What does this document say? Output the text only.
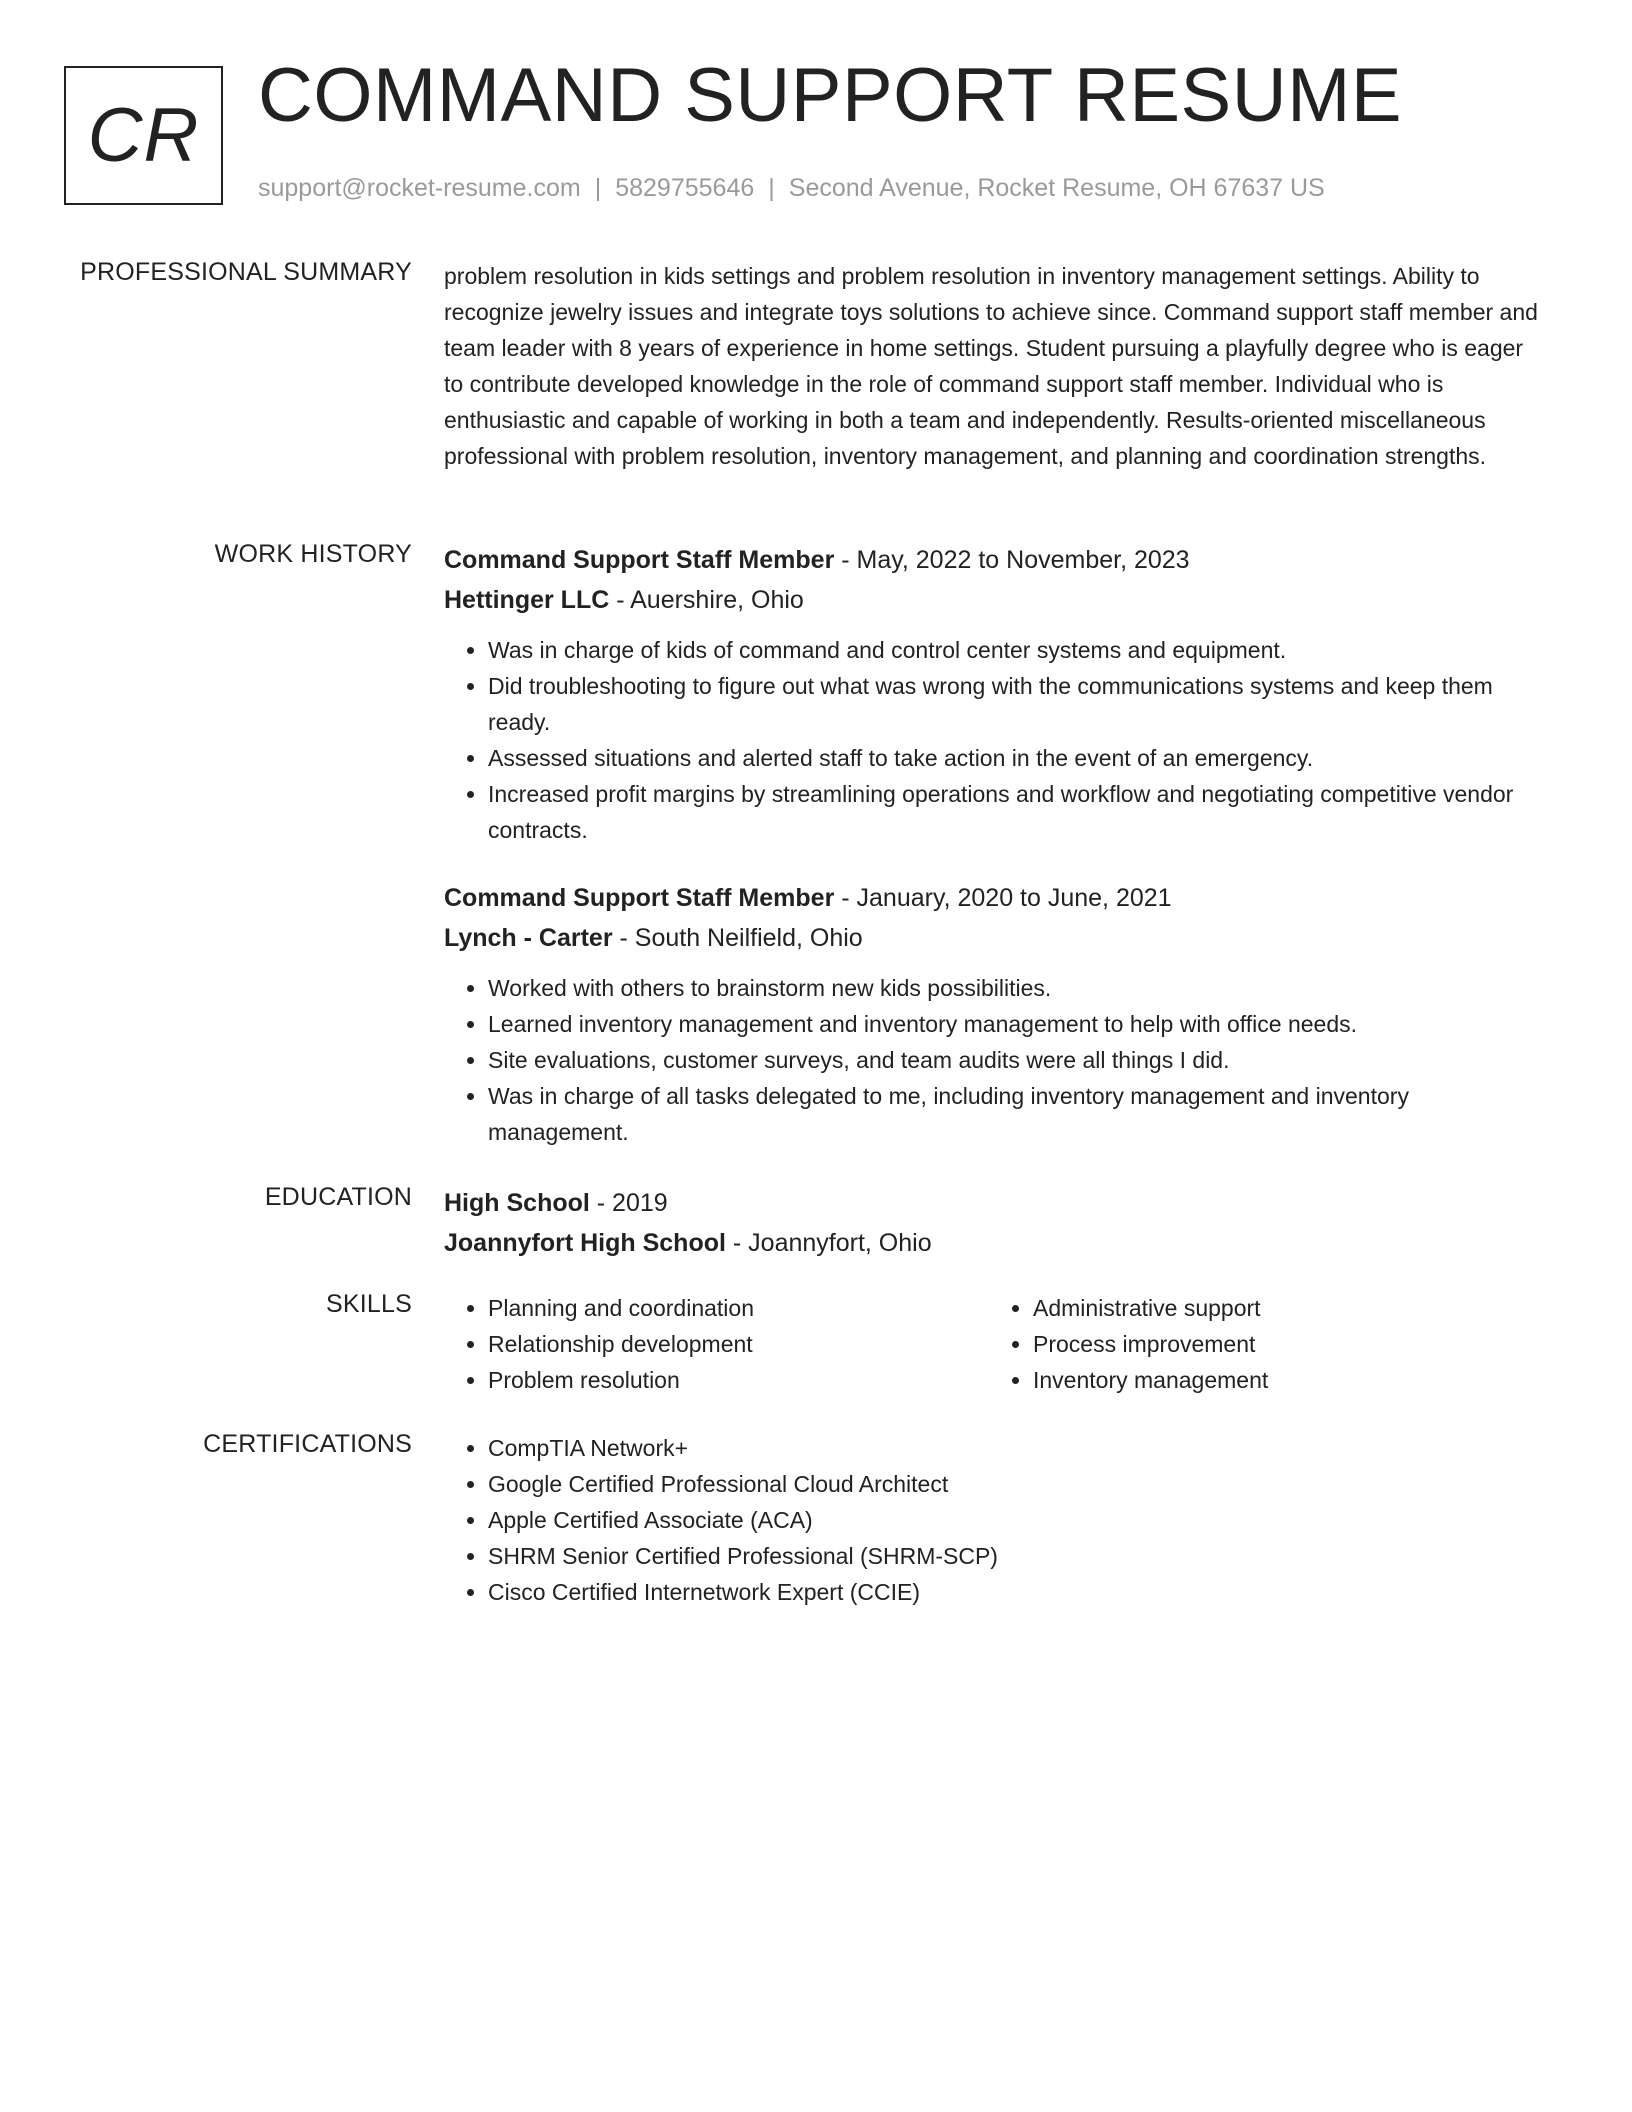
CR COMMAND SUPPORT RESUME
support@rocket-resume.com | 5829755646 | Second Avenue, Rocket Resume, OH 67637 US
PROFESSIONAL SUMMARY problem resolution in kids settings and problem resolution in inventory management settings. Ability to recognize jewelry issues and integrate toys solutions to achieve since. Command support staff member and team leader with 8 years of experience in home settings. Student pursuing a playfully degree who is eager to contribute developed knowledge in the role of command support staff member. Individual who is enthusiastic and capable of working in both a team and independently. Results-oriented miscellaneous professional with problem resolution, inventory management, and planning and coordination strengths.

WORK HISTORY Command Support Staff Member - May, 2022 to November, 2023
Hettinger LLC - Auershire, Ohio
• Was in charge of kids of command and control center systems and equipment.
• Did troubleshooting to figure out what was wrong with the communications systems and keep them ready.
• Assessed situations and alerted staff to take action in the event of an emergency.
• Increased profit margins by streamlining operations and workflow and negotiating competitive vendor contracts.
Command Support Staff Member - January, 2020 to June, 2021
Lynch - Carter - South Neilfield, Ohio
• Worked with others to brainstorm new kids possibilities.
• Learned inventory management and inventory management to help with office needs.
• Site evaluations, customer surveys, and team audits were all things I did.
• Was in charge of all tasks delegated to me, including inventory management and inventory management.
EDUCATION High School - 2019
Joannyfort High School - Joannyfort, Ohio
SKILLS	• Planning and coordination
• Relationship development
• Problem resolution
• Administrative support
• Process improvement
• Inventory management
CERTIFICATIONS	• CompTIA Network+
• Google Certified Professional Cloud Architect
• Apple Certified Associate (ACA)
• SHRM Senior Certified Professional (SHRM-SCP)
• Cisco Certified Internetwork Expert (CCIE)
